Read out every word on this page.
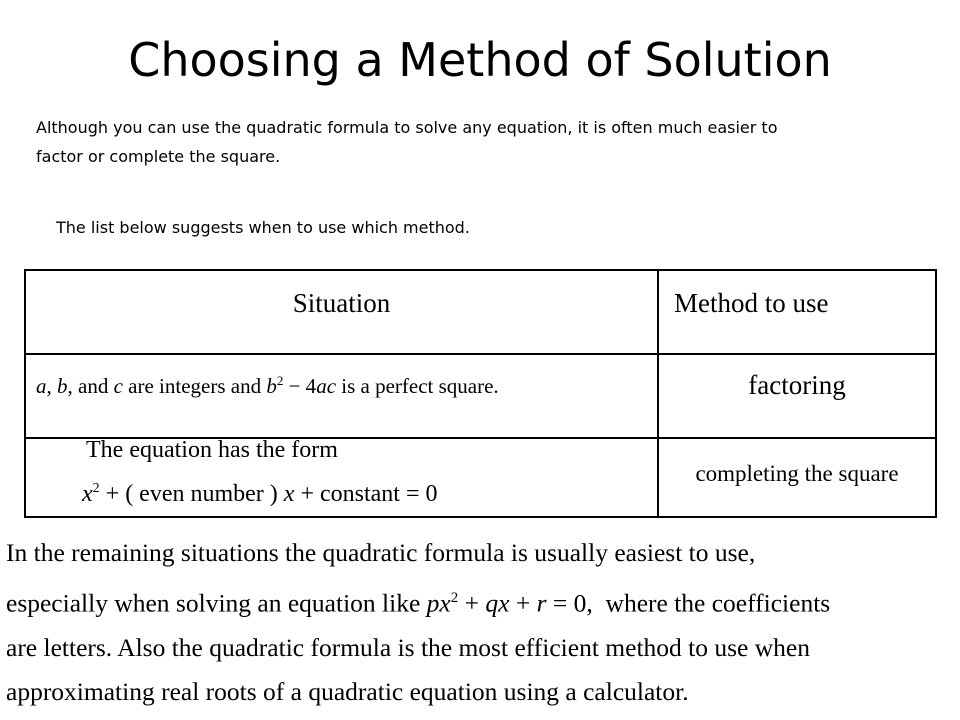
Choosing a Method of Solution
Although you can use the quadratic formula to solve any equation, it is often much easier to
factor or complete the square.
The list below suggests when to use which method.
Situation	Method to use
a, b, and c are integers and $b^2 - 4ac$ is a perfect square.	factoring
The equation has the form
$x^2$ + ( even number ) x + constant = 0
completing the square
In the remaining situations the quadratic formula is usually easiest to use,
especially when solving an equation like $px^2$ + qx + r = 0,  where the coefficients
are letters. Also the quadratic formula is the most efficient method to use when
approximating real roots of a quadratic equation using a calculator.
